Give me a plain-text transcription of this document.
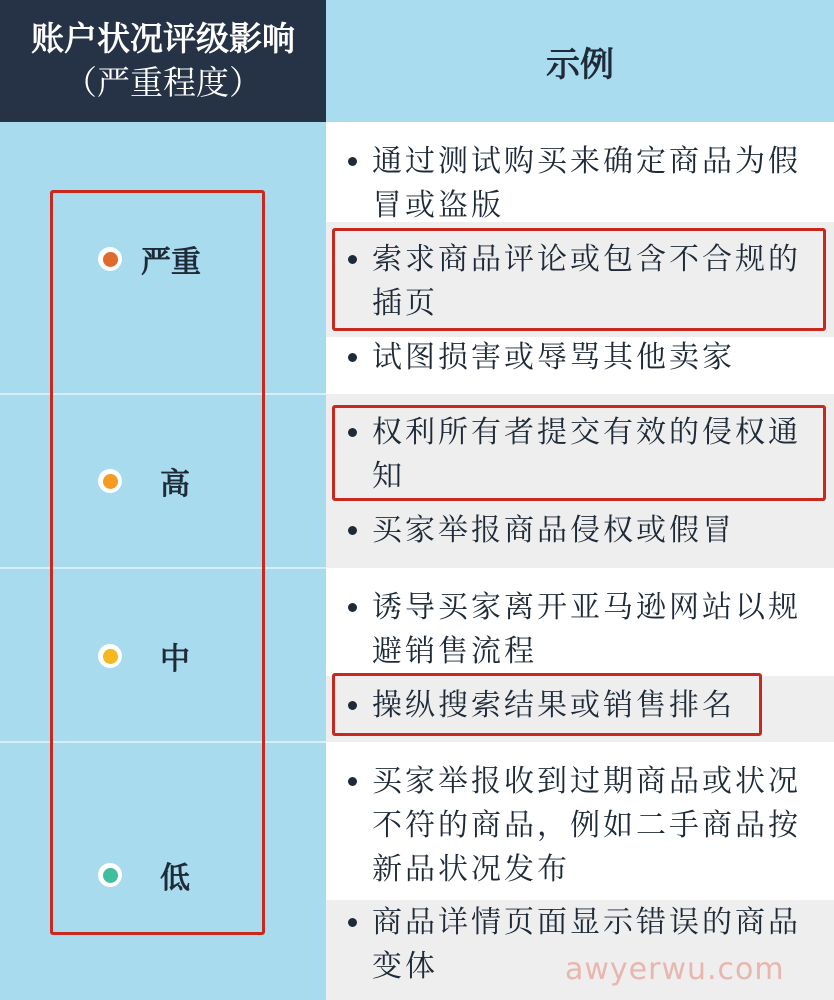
账户状况评级影响
（严重程度）	示例
严重
高
中
低
通过测试购买来确定商品为假冒或盗版
索求商品评论或包含不合规的插页
试图损害或辱骂其他卖家
权利所有者提交有效的侵权通知
买家举报商品侵权或假冒
诱导买家离开亚马逊网站以规避销售流程
操纵搜索结果或销售排名
买家举报收到过期商品或状况不符的商品，例如二手商品按新品状况发布
商品详情页面显示错误的商品变体	awyerwu.com
